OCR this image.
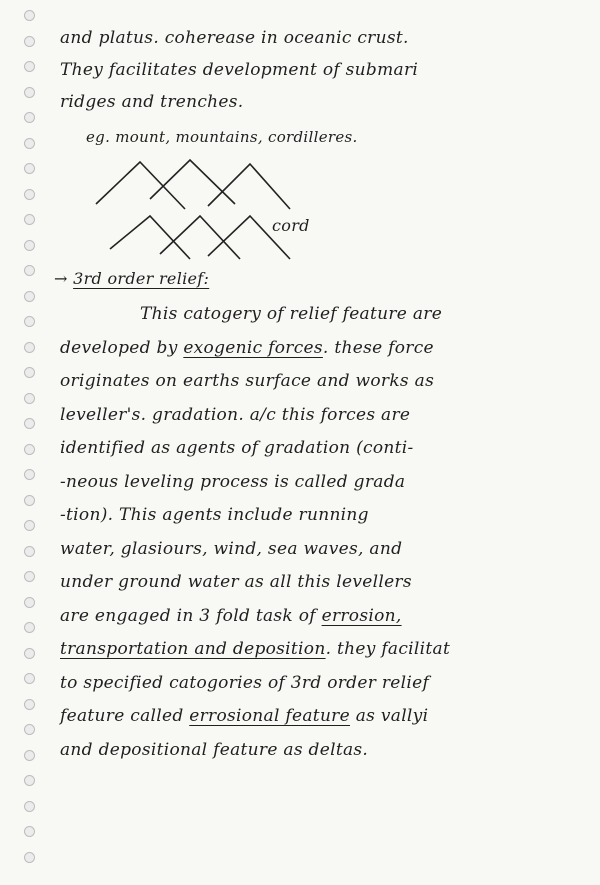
and platus. coherease in oceanic crust.
They facilitates development of submari
ridges and trenches.
eg. mount, mountains, cordilleres.
cord
→ 3rd order relief:
This catogery of relief feature are
developed by exogenic forces. these force
originates on earths surface and works as
leveller's. gradation. a/c this forces are
identified as agents of gradation (conti-
-neous leveling process is called grada
-tion). This agents include running
water, glasiours, wind, sea waves, and
under ground water as all this levellers
are engaged in 3 fold task of errosion,
transportation and deposition. they facilitat
to specified catogories of 3rd order relief
feature called errosional feature as vallyi
and depositional feature as deltas.
